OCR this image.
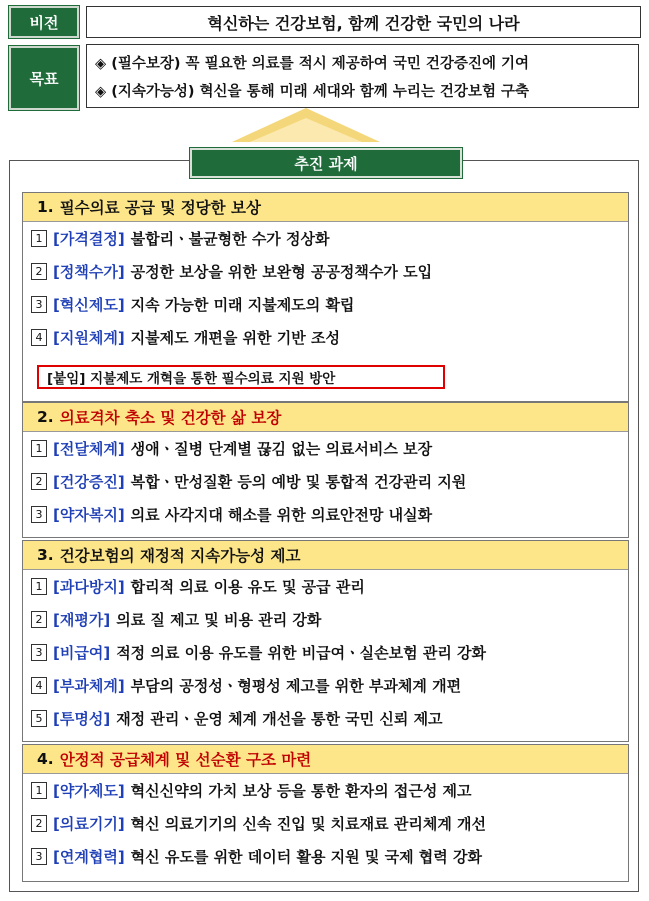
비전	혁신하는 건강보험, 함께 건강한 국민의 나라
목표
◈ (필수보장) 꼭 필요한 의료를 적시 제공하여 국민 건강증진에 기여
◈ (지속가능성) 혁신을 통해 미래 세대와 함께 누리는 건강보험 구축
추진 과제
1. 필수의료 공급 및 정당한 보상
1 [가격결정] 불합리ㆍ불균형한 수가 정상화
2 [정책수가] 공정한 보상을 위한 보완형 공공정책수가 도입
3 [혁신제도] 지속 가능한 미래 지불제도의 확립
4 [지원체계] 지불제도 개편을 위한 기반 조성
[붙임] 지불제도 개혁을 통한 필수의료 지원 방안
2. 의료격차 축소 및 건강한 삶 보장
1 [전달체계] 생애ㆍ질병 단계별 끊김 없는 의료서비스 보장
2 [건강증진] 복합ㆍ만성질환 등의 예방 및 통합적 건강관리 지원
3 [약자복지] 의료 사각지대 해소를 위한 의료안전망 내실화
3. 건강보험의 재정적 지속가능성 제고
1 [과다방지] 합리적 의료 이용 유도 및 공급 관리
2 [재평가] 의료 질 제고 및 비용 관리 강화
3 [비급여] 적정 의료 이용 유도를 위한 비급여ㆍ실손보험 관리 강화
4 [부과체계] 부담의 공정성ㆍ형평성 제고를 위한 부과체계 개편
5 [투명성] 재정 관리ㆍ운영 체계 개선을 통한 국민 신뢰 제고
4. 안정적 공급체계 및 선순환 구조 마련
1 [약가제도] 혁신신약의 가치 보상 등을 통한 환자의 접근성 제고
2 [의료기기] 혁신 의료기기의 신속 진입 및 치료재료 관리체계 개선
3 [연계협력] 혁신 유도를 위한 데이터 활용 지원 및 국제 협력 강화
